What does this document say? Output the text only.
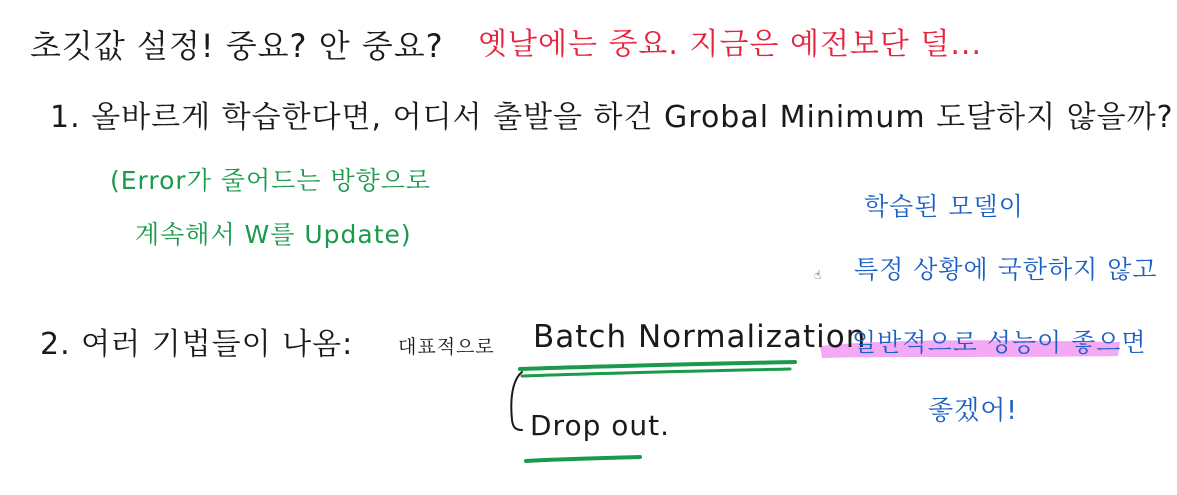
초깃값 설정! 중요? 안 중요? 옛날에는 중요. 지금은 예전보단 덜...
1. 올바르게 학습한다면, 어디서 출발을 하건 Grobal Minimum 도달하지 않을까?
(Error가 줄어드는 방향으로
계속해서 W를 Update)
2. 여러 기법들이 나옴: 대표적으로 Batch Normalization
Drop out.
학습된 모델이
특정 상황에 국한하지 않고
일반적으로 성능이 좋으면
좋겠어!
☝
